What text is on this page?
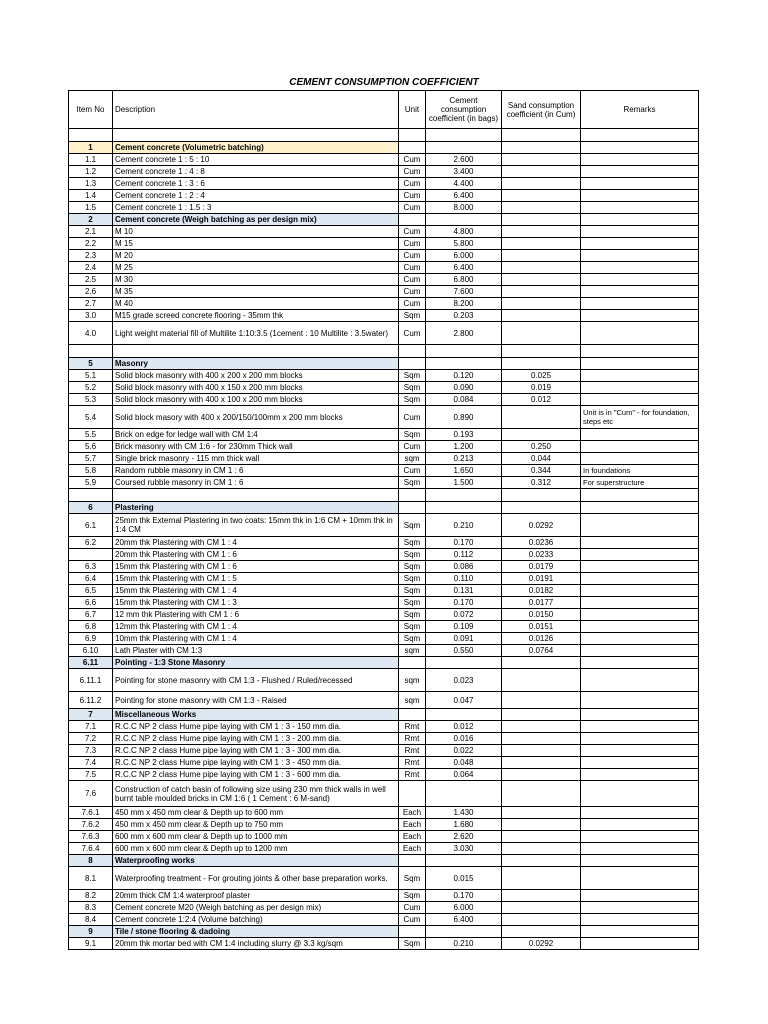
CEMENT CONSUMPTION COEFFICIENT
Item No	Description	Unit	Cement consumption coefficient (in bags)	Sand consumption coefficient (in Cum)	Remarks

1	Cement concrete (Volumetric batching)				
1.1	Cement concrete 1 : 5 : 10	Cum	2.600		
1.2	Cement concrete 1 : 4 : 8	Cum	3.400		
1.3	Cement concrete 1 : 3 : 6	Cum	4.400		
1.4	Cement concrete 1 : 2 : 4	Cum	6.400		
1.5	Cement concrete 1 : 1.5 : 3	Cum	8.000		
2	Cement concrete (Weigh batching as per design mix)				
2.1	M 10	Cum	4.800		
2.2	M 15	Cum	5.800		
2.3	M 20	Cum	6.000		
2.4	M 25	Cum	6.400		
2.5	M 30	Cum	6.800		
2.6	M 35	Cum	7.600		
2.7	M 40	Cum	8.200		
3.0	M15 grade screed concrete flooring - 35mm thk	Sqm	0.203		
4.0	Light weight material fill of Multilite 1:10:3.5 (1cement : 10 Multilite : 3.5water)	Cum	2.800		

5	Masonry				
5.1	Solid block masonry with 400 x 200 x 200 mm blocks	Sqm	0.120	0.025	
5.2	Solid block masonry with 400 x 150 x 200 mm blocks	Sqm	0.090	0.019	
5.3	Solid block masonry with 400 x 100 x 200 mm blocks	Sqm	0.084	0.012	
5.4	Solid block masory with 400 x 200/150/100mm x 200 mm blocks	Cum	0.890		Unit is in "Cum" - for foundation, steps etc
5.5	Brick on edge for ledge wall with CM 1:4	Sqm	0.193		
5.6	Brick masonry with CM 1:6 - for 230mm Thick wall	Cum	1.200	0.250	
5.7	Single brick masonry - 115 mm thick wall	sqm	0.213	0.044	
5.8	Random rubble masonry in CM 1 : 6	Cum	1.650	0.344	In foundations
5.9	Coursed rubble masonry in CM 1 : 6	Sqm	1.500	0.312	For superstructure

6	Plastering				
6.1	25mm thk External Plastering in two coats: 15mm thk in 1:6 CM + 10mm thk in 1:4 CM	Sqm	0.210	0.0292	
6.2	20mm thk Plastering with CM 1 : 4	Sqm	0.170	0.0236	
	20mm thk Plastering with CM 1 : 6	Sqm	0.112	0.0233	
6.3	15mm thk Plastering with CM 1 : 6	Sqm	0.086	0.0179	
6.4	15mm thk Plastering with CM 1 : 5	Sqm	0.110	0.0191	
6.5	15mm thk Plastering with CM 1 : 4	Sqm	0.131	0.0182	
6.6	15mm thk Plastering with CM 1 : 3	Sqm	0.170	0.0177	
6.7	12 mm thk Plastering with CM 1 : 6	Sqm	0.072	0.0150	
6.8	12mm thk Plastering with CM 1 : 4	Sqm	0.109	0.0151	
6.9	10mm thk Plastering with CM 1 : 4	Sqm	0.091	0.0126	
6.10	Lath Plaster with CM 1:3	sqm	0.550	0.0764	
6.11	Pointing - 1:3 Stone Masonry				
6.11.1	Pointing for stone masonry with CM 1:3 - Flushed / Ruled/recessed	sqm	0.023		
6.11.2	Pointing for stone masonry with CM 1:3 - Raised	sqm	0.047		
7	Miscellaneous Works				
7.1	R.C.C NP 2 class Hume pipe laying with CM 1 : 3 - 150 mm dia.	Rmt	0.012		
7.2	R.C.C NP 2 class Hume pipe laying with CM 1 : 3 - 200 mm dia.	Rmt	0.016		
7.3	R.C.C NP 2 class Hume pipe laying with CM 1 : 3 - 300 mm dia.	Rmt	0.022		
7.4	R.C.C NP 2 class Hume pipe laying with CM 1 : 3 - 450 mm dia.	Rmt	0.048		
7.5	R.C.C NP 2 class Hume pipe laying with CM 1 : 3 - 600 mm dia.	Rmt	0.064		
7.6	Construction of catch basin of following size using 230 mm thick walls in well burnt table moulded bricks in CM 1:6 ( 1 Cement : 6 M-sand)				
7.6.1	450 mm x 450 mm clear & Depth up to 600 mm	Each	1.430		
7.6.2	450 mm x 450 mm clear & Depth up to 750 mm	Each	1.680		
7.6.3	600 mm x 600 mm clear & Depth up to 1000 mm	Each	2.620		
7.6.4	600 mm x 600 mm clear & Depth up to 1200 mm	Each	3.030		
8	Waterproofing works				
8.1	Waterproofing treatment - For grouting joints & other base preparation works.	Sqm	0.015		
8.2	20mm thick CM 1:4 waterproof plaster	Sqm	0.170		
8.3	Cement concrete M20 (Weigh batching as per design mix)	Cum	6.000		
8.4	Cement concrete 1:2:4 (Volume batching)	Cum	6.400		
9	Tile / stone flooring & dadoing				
9.1	20mm thk mortar bed with CM 1:4 including slurry @ 3.3 kg/sqm	Sqm	0.210	0.0292	
